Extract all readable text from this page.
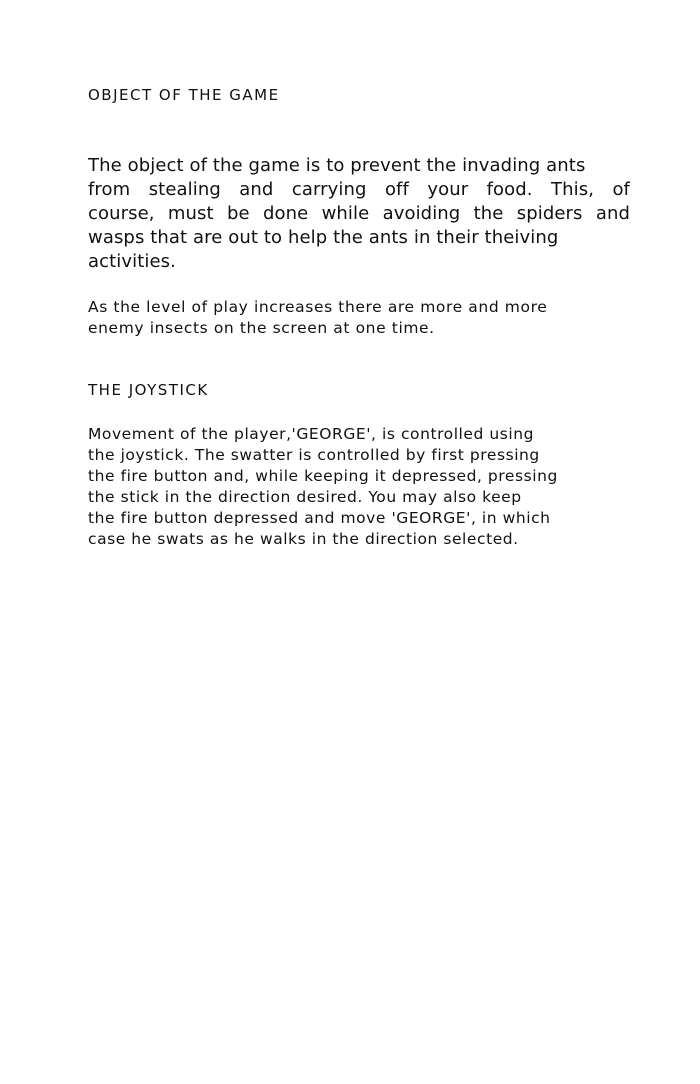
OBJECT OF THE GAME
The object of the game is to prevent the invading ants
from stealing and carrying off your food. This, of
course, must be done while avoiding the spiders and
wasps that are out to help the ants in their theiving
activities.
As the level of play increases there are more and more
enemy insects on the screen at one time.
THE JOYSTICK
Movement of the player,'GEORGE', is controlled using
the joystick. The swatter is controlled by first pressing
the fire button and, while keeping it depressed, pressing
the stick in the direction desired. You may also keep
the fire button depressed and move 'GEORGE', in which
case he swats as he walks in the direction selected.
